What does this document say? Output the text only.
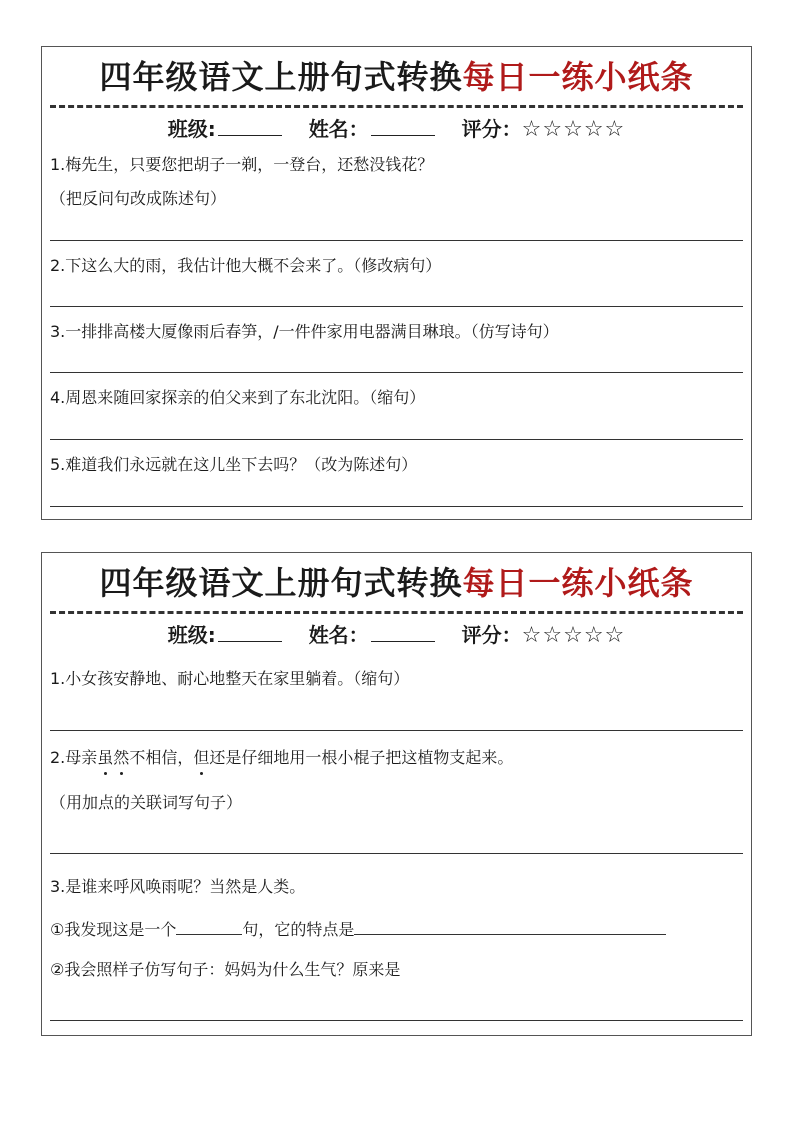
四年级语文上册句式转换每日一练小纸条
班级:	姓名：	评分：☆☆☆☆☆
1.梅先生，只要您把胡子一剃，一登台，还愁没钱花？
（把反问句改成陈述句）
2.下这么大的雨，我估计他大概不会来了。（修改病句）
3.一排排高楼大厦像雨后春笋，/一件件家用电器满目琳琅。（仿写诗句）
4.周恩来随回家探亲的伯父来到了东北沈阳。（缩句）
5.难道我们永远就在这儿坐下去吗？（改为陈述句）
四年级语文上册句式转换每日一练小纸条
班级:	姓名：	评分：☆☆☆☆☆
1.小女孩安静地、耐心地整天在家里躺着。（缩句）
2.母亲虽然不相信，但还是仔细地用一根小棍子把这植物支起来。
（用加点的关联词写句子）
3.是谁来呼风唤雨呢？当然是人类。
①我发现这是一个	句，它的特点是
②我会照样子仿写句子：妈妈为什么生气？原来是
